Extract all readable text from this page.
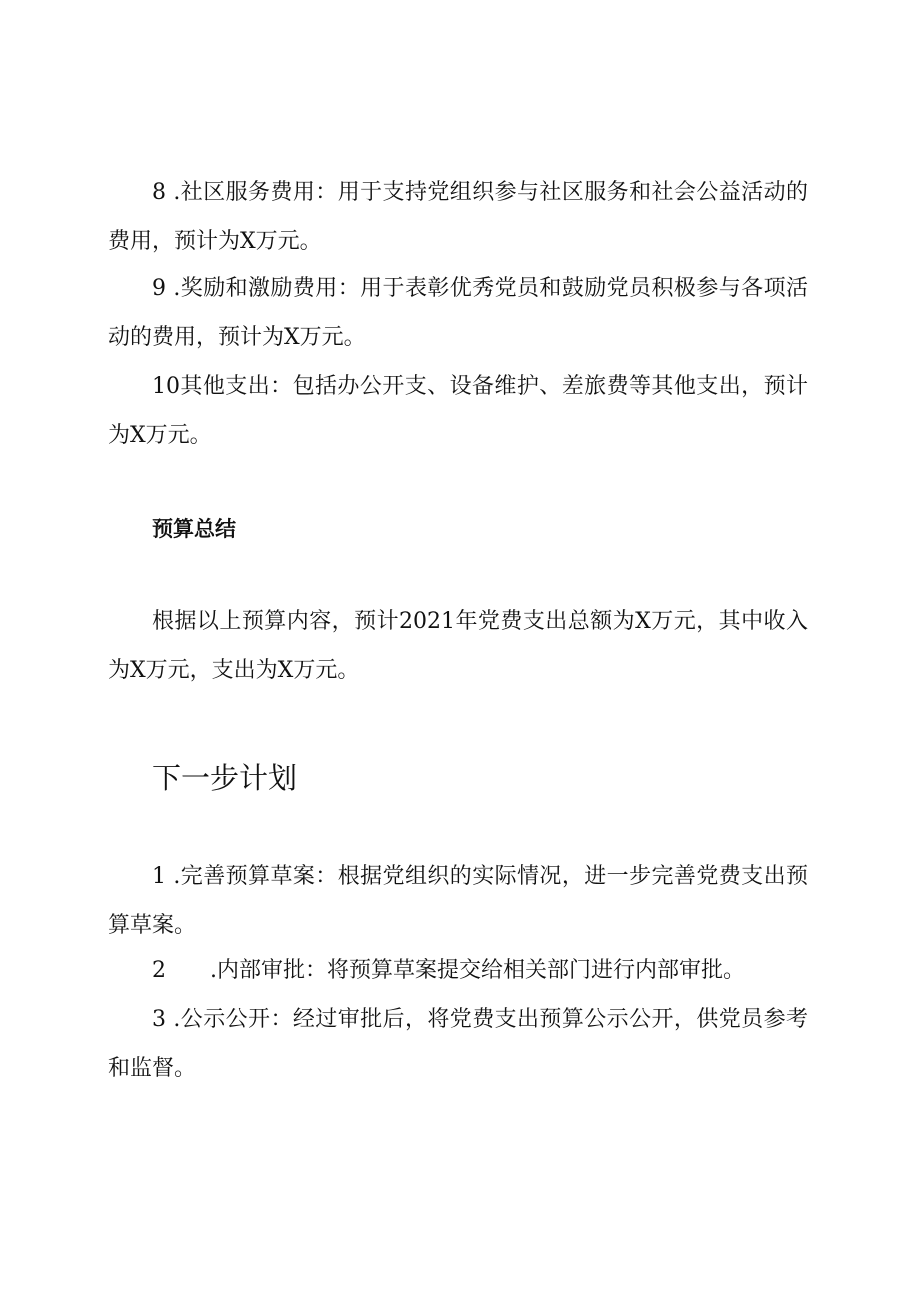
8 .社区服务费用：用于支持党组织参与社区服务和社会公益活动的费用，预计为X万元。

9 .奖励和激励费用：用于表彰优秀党员和鼓励党员积极参与各项活动的费用，预计为X万元。

10其他支出：包括办公开支、设备维护、差旅费等其他支出，预计为X万元。

预算总结

根据以上预算内容，预计2021年党费支出总额为X万元，其中收入为X万元，支出为X万元。

下一步计划

1 .完善预算草案：根据党组织的实际情况，进一步完善党费支出预算草案。

2　　.内部审批：将预算草案提交给相关部门进行内部审批。

3 .公示公开：经过审批后，将党费支出预算公示公开，供党员参考和监督。
